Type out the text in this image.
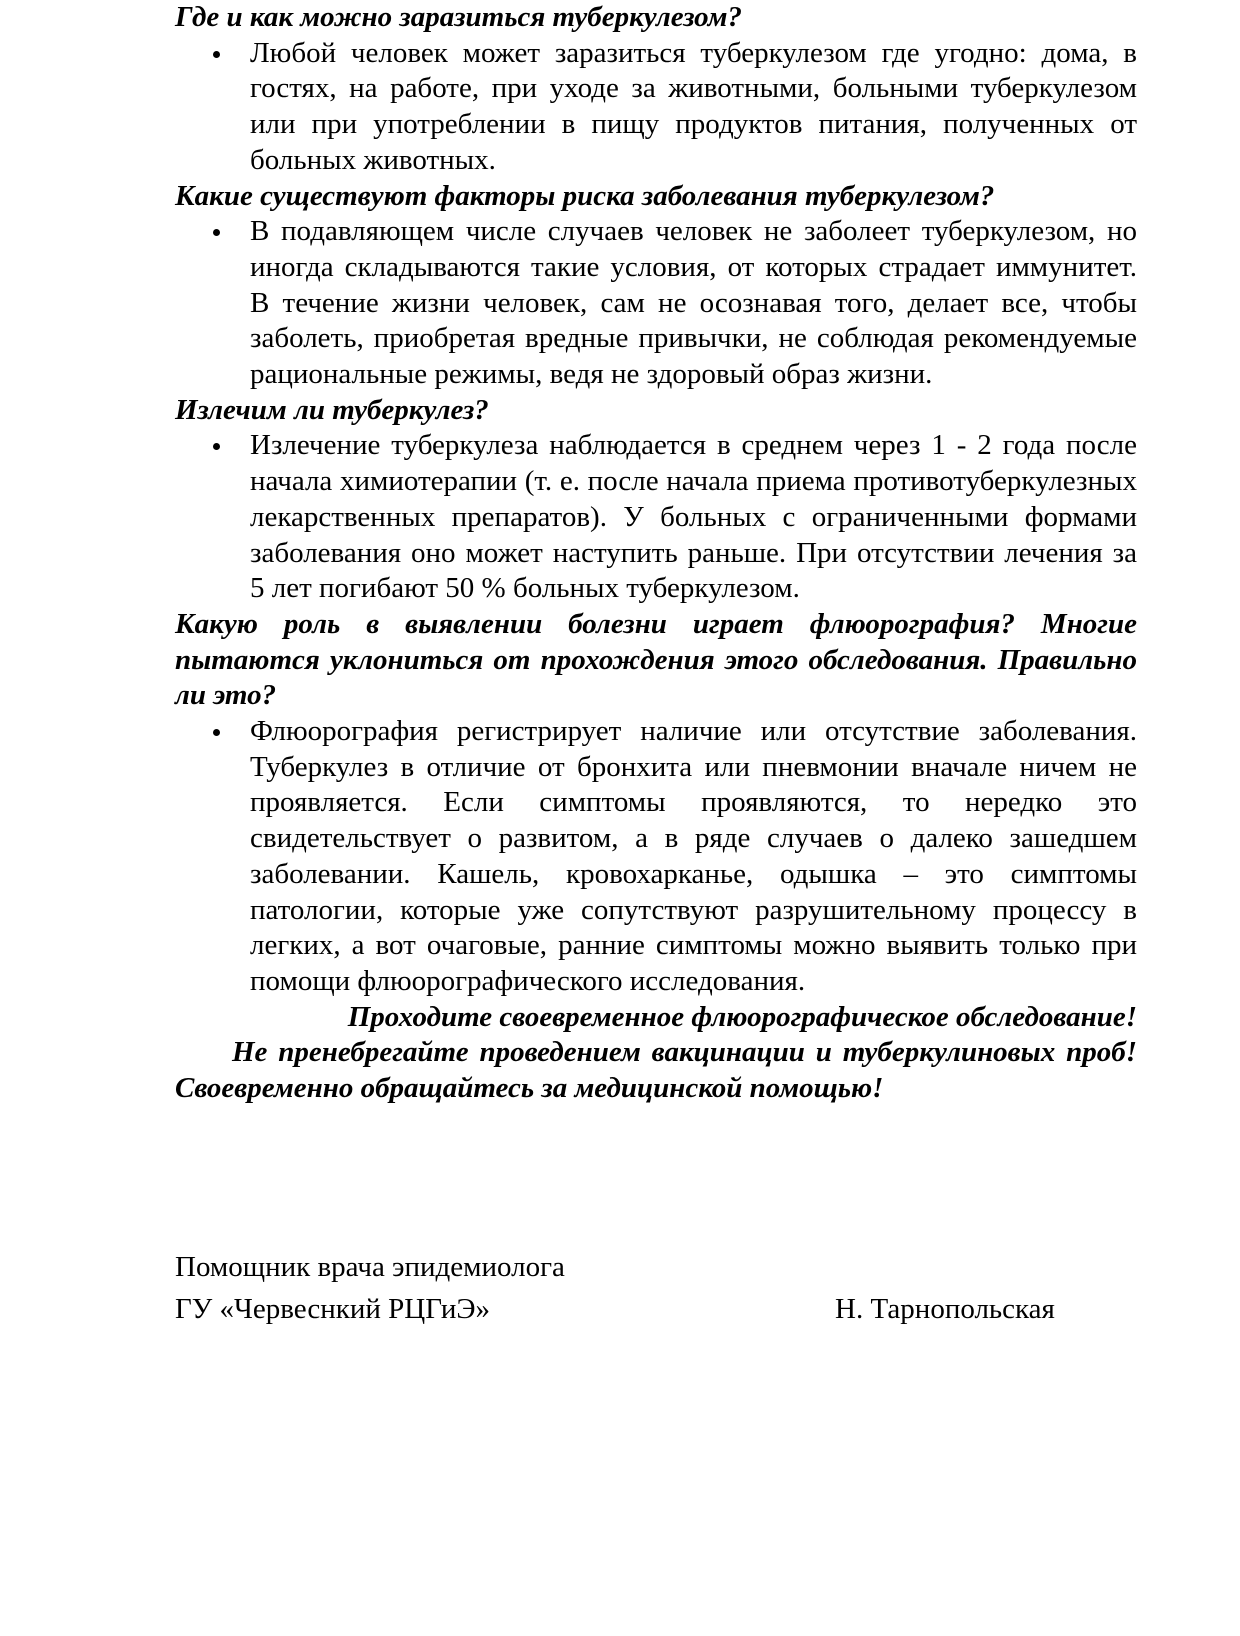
Где и как можно заразиться туберкулезом?

Любой человек может заразиться туберкулезом где угодно: дома, в гостях, на работе, при уходе за животными, больными туберкулезом или при употреблении в пищу продуктов питания, полученных от больных животных.

Какие существуют факторы риска заболевания туберкулезом?

В подавляющем числе случаев человек не заболеет туберкулезом, но иногда складываются такие условия, от которых страдает иммунитет. В течение жизни человек, сам не осознавая того, делает все, чтобы заболеть, приобретая вредные привычки, не соблюдая рекомендуемые рациональные режимы, ведя не здоровый образ жизни.

Излечим ли туберкулез?

Излечение туберкулеза наблюдается в среднем через 1 - 2 года после начала химиотерапии (т. е. после начала приема противотуберкулезных лекарственных препаратов). У больных с ограниченными формами заболевания оно может наступить раньше. При отсутствии лечения за 5 лет погибают 50 % больных туберкулезом.

Какую роль в выявлении болезни играет флюорография? Многие пытаются уклониться от прохождения этого обследования. Правильно ли это?

Флюорография регистрирует наличие или отсутствие заболевания. Туберкулез в отличие от бронхита или пневмонии вначале ничем не проявляется. Если симптомы проявляются, то нередко это свидетельствует о развитом, а в ряде случаев о далеко зашедшем заболевании. Кашель, кровохарканье, одышка – это симптомы патологии, которые уже сопутствуют разрушительному процессу в легких, а вот очаговые, ранние симптомы можно выявить только при помощи флюорографического исследования.

Проходите своевременное флюорографическое обследование!

Не пренебрегайте проведением вакцинации и туберкулиновых проб! Своевременно обращайтесь за медицинской помощью!

Помощник врача эпидемиолога
ГУ «Червеснкий РЦГиЭ»	Н. Тарнопольская
